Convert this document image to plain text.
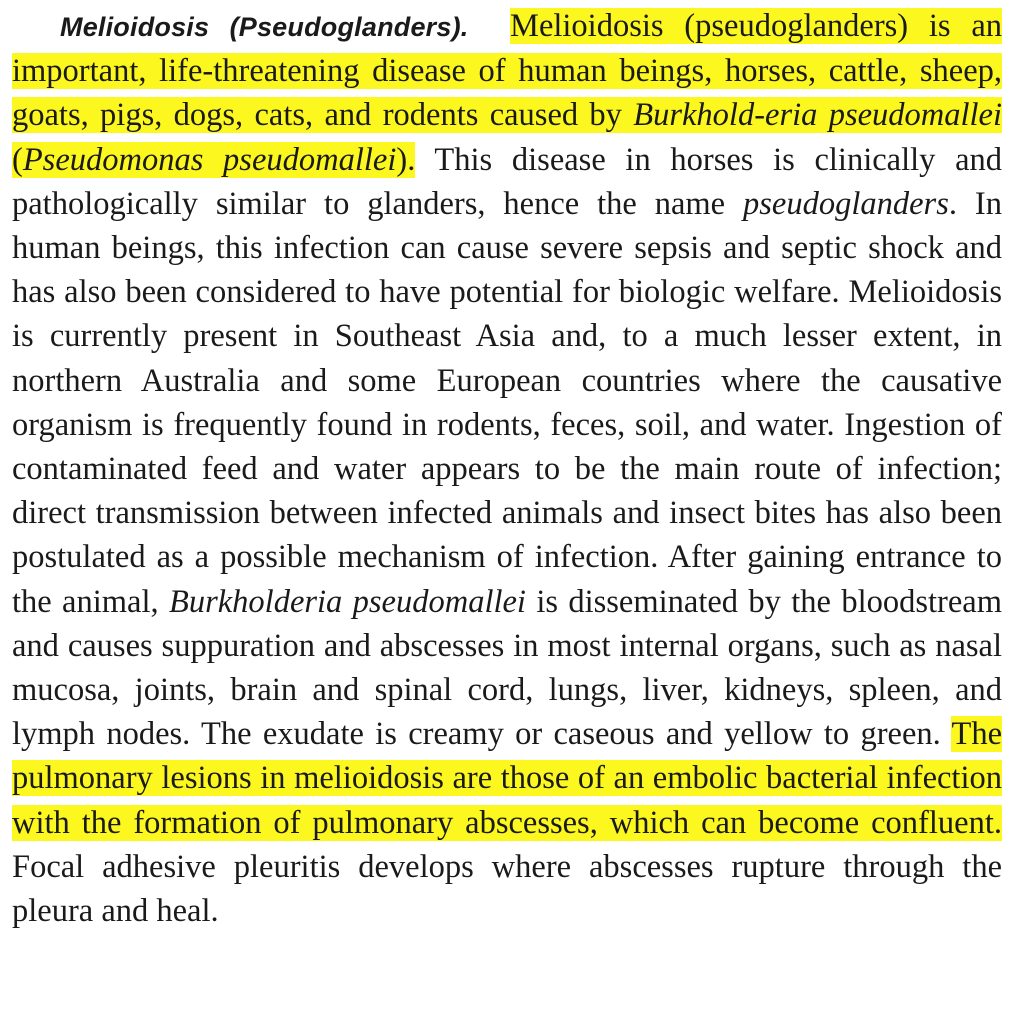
Melioidosis (Pseudoglanders). Melioidosis (pseudoglanders) is an important, life-threatening disease of human beings, horses, cattle, sheep, goats, pigs, dogs, cats, and rodents caused by Burkhold-eria pseudomallei (Pseudomonas pseudomallei). This disease in horses is clinically and pathologically similar to glanders, hence the name pseudoglanders. In human beings, this infection can cause severe sepsis and septic shock and has also been considered to have potential for biologic welfare. Melioidosis is currently present in Southeast Asia and, to a much lesser extent, in northern Australia and some European countries where the causative organism is frequently found in rodents, feces, soil, and water. Ingestion of contaminated feed and water appears to be the main route of infection; direct transmission between infected animals and insect bites has also been postulated as a possible mechanism of infection. After gaining entrance to the animal, Burkholderia pseudomallei is disseminated by the bloodstream and causes suppuration and abscesses in most internal organs, such as nasal mucosa, joints, brain and spinal cord, lungs, liver, kidneys, spleen, and lymph nodes. The exudate is creamy or caseous and yellow to green. The pulmonary lesions in melioidosis are those of an embolic bacterial infection with the formation of pulmonary abscesses, which can become confluent. Focal adhesive pleuritis develops where abscesses rupture through the pleura and heal.
